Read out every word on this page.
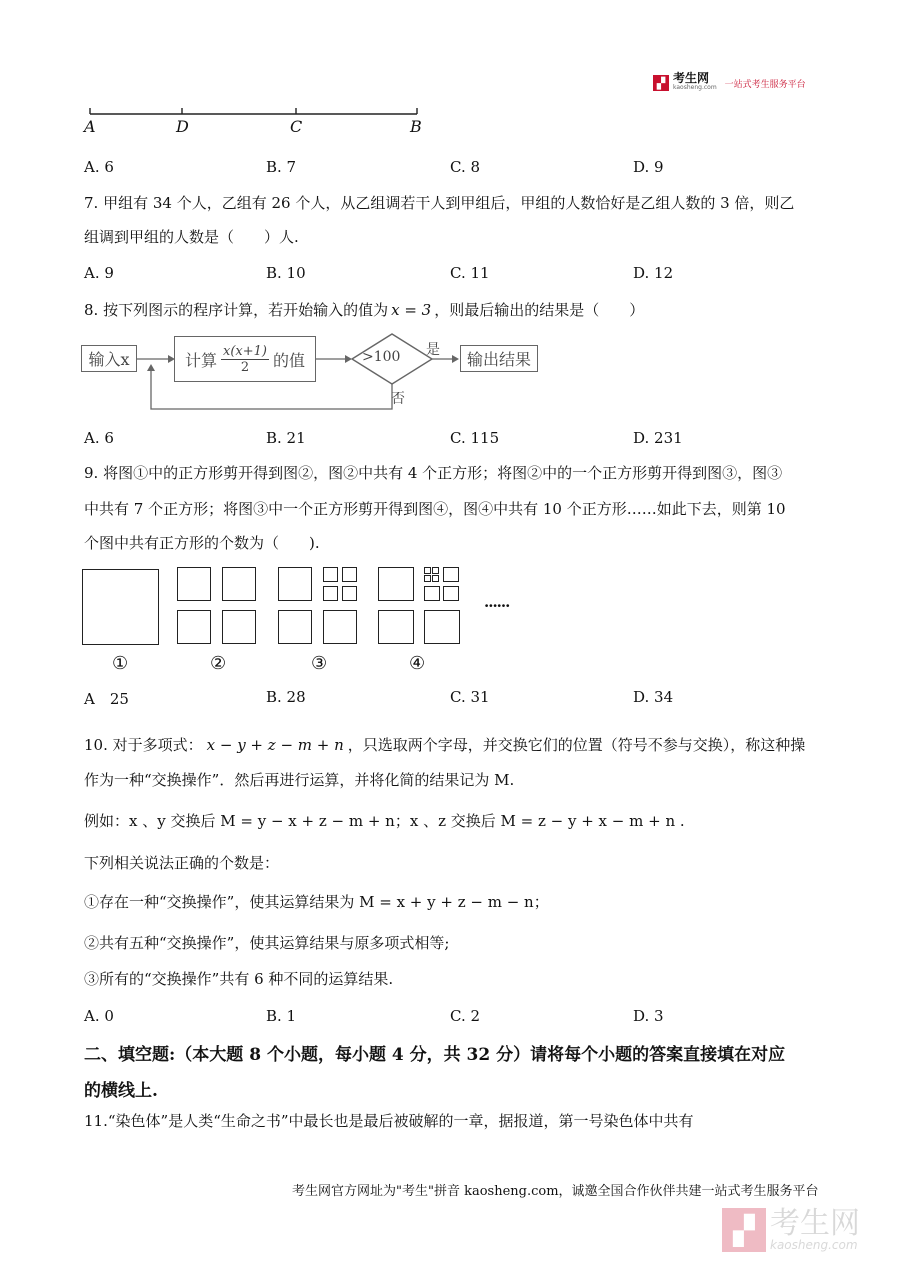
▞ 考生网
kaosheng.com 一站式考生服务平台
A	D	C	B
A. 6	B. 7	C. 8	D. 9
7. 甲组有 34 个人，乙组有 26 个人，从乙组调若干人到甲组后，甲组的人数恰好是乙组人数的 3 倍，则乙
组调到甲组的人数是（　　）人.
A. 9	B. 10	C. 11	D. 12
8. 按下列图示的程序计算，若开始输入的值为 x = 3 ，则最后输出的结果是（　　）
输入x	计算 $\frac{x(x+1)}{2}$ 的值	>100 是
否
输出结果
A. 6	B. 21	C. 115	D. 231
9. 将图①中的正方形剪开得到图②，图②中共有 4 个正方形；将图②中的一个正方形剪开得到图③，图③
中共有 7 个正方形；将图③中一个正方形剪开得到图④，图④中共有 10 个正方形……如此下去，则第 10
个图中共有正方形的个数为（　　).
......
①	②	③	④
A　25	B. 28	C. 31	D. 34
10. 对于多项式： x − y + z − m + n ，只选取两个字母，并交换它们的位置（符号不参与交换），称这种操
作为一种“交换操作”．然后再进行运算，并将化简的结果记为 M.
例如：x 、y 交换后 M = y − x + z − m + n；x 、z 交换后 M = z − y + x − m + n .
下列相关说法正确的个数是：
①存在一种“交换操作”，使其运算结果为 M = x + y + z − m − n；
②共有五种“交换操作”，使其运算结果与原多项式相等;
③所有的“交换操作”共有 6 种不同的运算结果.
A. 0	B. 1	C. 2	D. 3
二、填空题:（本大题 8 个小题，每小题 4 分，共 32 分）请将每个小题的答案直接填在对应
的横线上.
11.“染色体”是人类“生命之书”中最长也是最后被破解的一章，据报道，第一号染色体中共有
考生网官方网址为"考生"拼音 kaosheng.com，诚邀全国合作伙伴共建一站式考生服务平台
▞ 考生网
kaosheng.com
